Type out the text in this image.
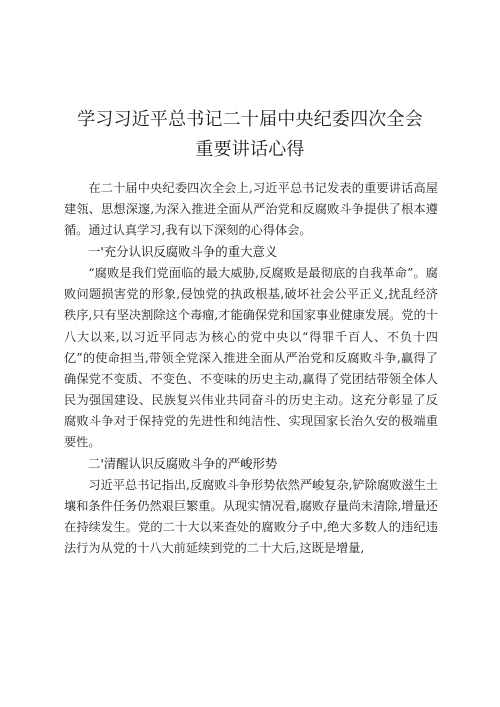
学习习近平总书记二十届中央纪委四次全会重要讲话心得

在二十届中央纪委四次全会上,习近平总书记发表的重要讲话高屋建瓴、思想深邃,为深入推进全面从严治党和反腐败斗争提供了根本遵循。通过认真学习,我有以下深刻的心得体会。

一'充分认识反腐败斗争的重大意义

“腐败是我们党面临的最大威胁,反腐败是最彻底的自我革命”。腐败问题损害党的形象,侵蚀党的执政根基,破坏社会公平正义,扰乱经济秩序,只有坚决割除这个毒瘤,才能确保党和国家事业健康发展。党的十八大以来,以习近平同志为核心的党中央以“得罪千百人、不负十四亿”的使命担当,带领全党深入推进全面从严治党和反腐败斗争,赢得了确保党不变质、不变色、不变味的历史主动,赢得了党团结带领全体人民为强国建设、民族复兴伟业共同奋斗的历史主动。这充分彰显了反腐败斗争对于保持党的先进性和纯洁性、实现国家长治久安的极端重要性。

二'清醒认识反腐败斗争的严峻形势

习近平总书记指出,反腐败斗争形势依然严峻复杂,铲除腐败滋生土壤和条件任务仍然艰巨繁重。从现实情况看,腐败存量尚未清除,增量还在持续发生。党的二十大以来查处的腐败分子中,绝大多数人的违纪违法行为从党的十八大前延续到党的二十大后,这既是增量,
